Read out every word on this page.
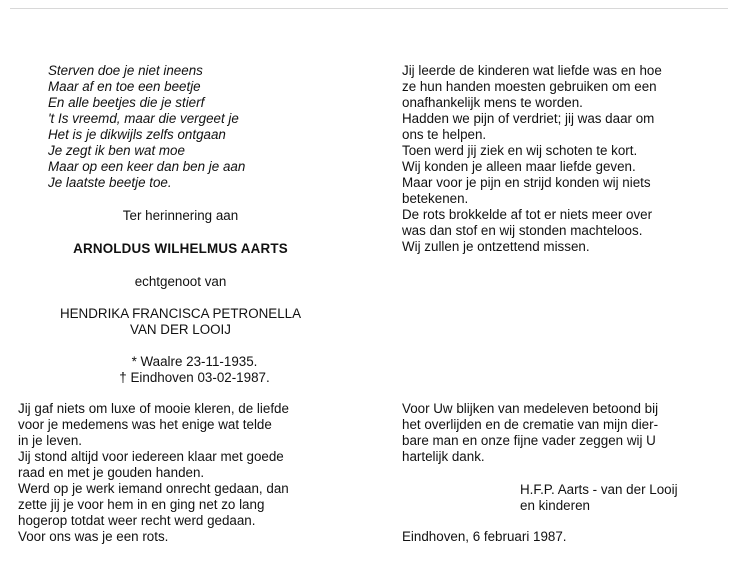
Sterven doe je niet ineens
Maar af en toe een beetje
En alle beetjes die je stierf
't Is vreemd, maar die vergeet je
Het is je dikwijls zelfs ontgaan
Je zegt ik ben wat moe
Maar op een keer dan ben je aan
Je laatste beetje toe.
Ter herinnering aan
ARNOLDUS WILHELMUS AARTS
echtgenoot van
HENDRIKA FRANCISCA PETRONELLA
VAN DER LOOIJ
* Waalre 23-11-1935.
† Eindhoven 03-02-1987.
Jij gaf niets om luxe of mooie kleren, de liefde
voor je medemens was het enige wat telde
in je leven.
Jij stond altijd voor iedereen klaar met goede
raad en met je gouden handen.
Werd op je werk iemand onrecht gedaan, dan
zette jij je voor hem in en ging net zo lang
hogerop totdat weer recht werd gedaan.
Voor ons was je een rots.
Jij leerde de kinderen wat liefde was en hoe
ze hun handen moesten gebruiken om een
onafhankelijk mens te worden.
Hadden we pijn of verdriet; jij was daar om
ons te helpen.
Toen werd jij ziek en wij schoten te kort.
Wij konden je alleen maar liefde geven.
Maar voor je pijn en strijd konden wij niets
betekenen.
De rots brokkelde af tot er niets meer over
was dan stof en wij stonden machteloos.
Wij zullen je ontzettend missen.
Voor Uw blijken van medeleven betoond bij
het overlijden en de crematie van mijn dier-
bare man en onze fijne vader zeggen wij U
hartelijk dank.
H.F.P. Aarts - van der Looij
en kinderen
Eindhoven, 6 februari 1987.
